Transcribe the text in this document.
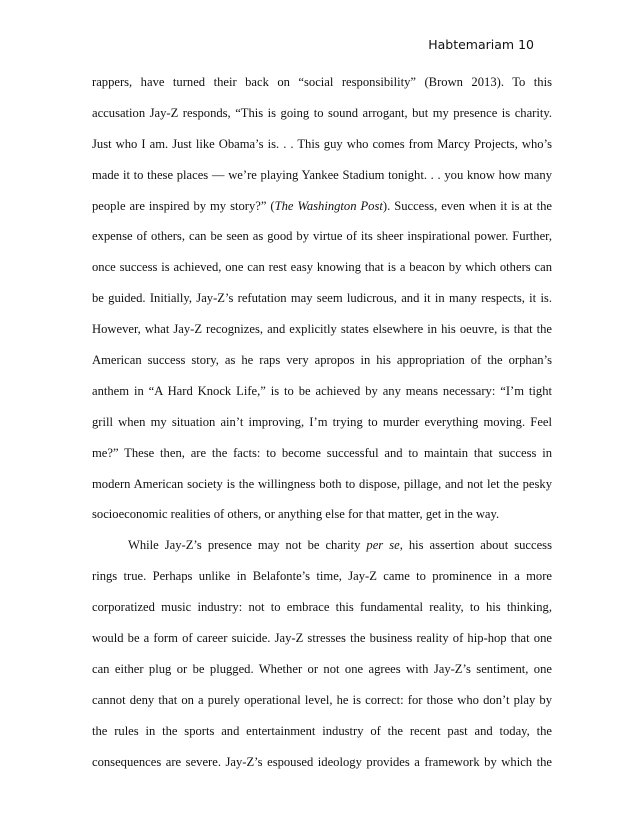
Habtemariam 10
rappers, have turned their back on “social responsibility” (Brown 2013). To this
accusation Jay-Z responds, “This is going to sound arrogant, but my presence is charity.
Just who I am. Just like Obama’s is. . . This guy who comes from Marcy Projects, who’s
made it to these places — we’re playing Yankee Stadium tonight. . . you know how many
people are inspired by my story?” (The Washington Post). Success, even when it is at the
expense of others, can be seen as good by virtue of its sheer inspirational power. Further,
once success is achieved, one can rest easy knowing that is a beacon by which others can
be guided. Initially, Jay-Z’s refutation may seem ludicrous, and it in many respects, it is.
However, what Jay-Z recognizes, and explicitly states elsewhere in his oeuvre, is that the
American success story, as he raps very apropos in his appropriation of the orphan’s
anthem in “A Hard Knock Life,” is to be achieved by any means necessary: “I’m tight
grill when my situation ain’t improving, I’m trying to murder everything moving. Feel
me?” These then, are the facts: to become successful and to maintain that success in
modern American society is the willingness both to dispose, pillage, and not let the pesky
socioeconomic realities of others, or anything else for that matter, get in the way.
While Jay-Z’s presence may not be charity per se, his assertion about success
rings true. Perhaps unlike in Belafonte’s time, Jay-Z came to prominence in a more
corporatized music industry: not to embrace this fundamental reality, to his thinking,
would be a form of career suicide. Jay-Z stresses the business reality of hip-hop that one
can either plug or be plugged. Whether or not one agrees with Jay-Z’s sentiment, one
cannot deny that on a purely operational level, he is correct: for those who don’t play by
the rules in the sports and entertainment industry of the recent past and today, the
consequences are severe. Jay-Z’s espoused ideology provides a framework by which the
